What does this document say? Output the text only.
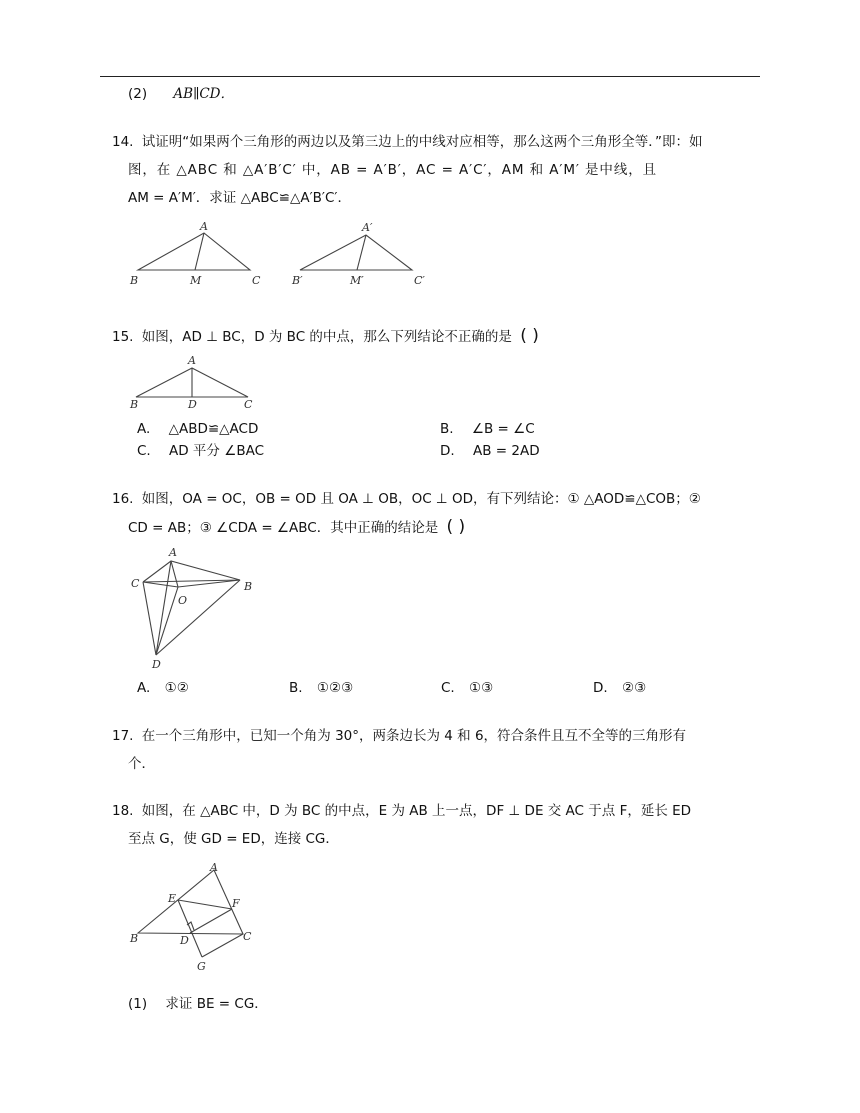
(2) AB∥CD．
14. 试证明“如果两个三角形的两边以及第三边上的中线对应相等，那么这两个三角形全等．”即：如
图，在 △ABC 和 △A′B′C′ 中，AB = A′B′，AC = A′C′，AM 和 A′M′ 是中线，且
AM = A′M′．求证 △ABC≌△A′B′C′．
A
B	M	C
A′
B′	M′	C′
15. 如图，AD ⊥ BC，D 为 BC 的中点，那么下列结论不正确的是 ( )
A
B	D	C
A. △ABD≌△ACD	B. ∠B = ∠C
C. AD 平分 ∠BAC	D. AB = 2AD
16. 如图，OA = OC，OB = OD 且 OA ⊥ OB，OC ⊥ OD，有下列结论：① △AOD≌△COB；②
CD = AB；③ ∠CDA = ∠ABC．其中正确的结论是 ( )
A
B
C
O
D
A. ①②	B. ①②③	C. ①③	D. ②③
17. 在一个三角形中，已知一个角为 30°，两条边长为 4 和 6，符合条件且互不全等的三角形有
个．
18. 如图，在 △ABC 中，D 为 BC 的中点，E 为 AB 上一点，DF ⊥ DE 交 AC 于点 F，延长 ED
至点 G，使 GD = ED，连接 CG．
A
B	C
D
E	F
G
(1) 求证 BE = CG．
